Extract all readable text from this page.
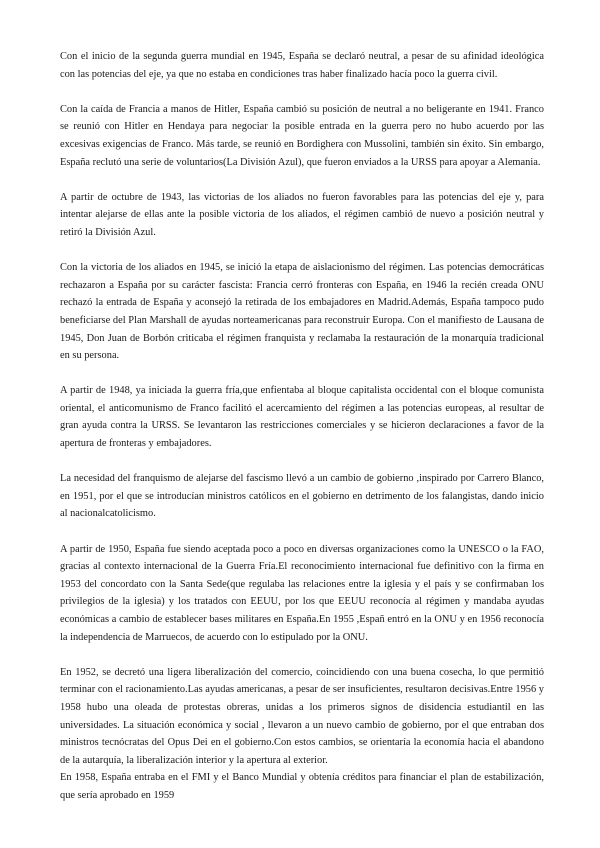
Con el inicio de la segunda guerra mundial en 1945, España se declaró neutral, a pesar de su afinidad ideológica con las potencias del eje, ya que no estaba en condiciones tras haber finalizado hacía poco la guerra civil.

Con la caída de Francia a manos de Hitler, España cambió su posición de neutral a no beligerante en 1941. Franco se reunió con Hitler en Hendaya para negociar la posible entrada en la guerra pero no hubo acuerdo por las excesivas exigencias de Franco. Más tarde, se reunió en Bordighera con Mussolini, también sin éxito. Sin embargo, España reclutó una serie de voluntarios(La División Azul), que fueron enviados a la URSS para apoyar a Alemania.

A partir de octubre de 1943, las victorias de los aliados no fueron favorables para las potencias del eje y, para intentar alejarse de ellas ante la posible victoria de los aliados, el régimen cambió de nuevo a posición neutral y retiró la División Azul.

Con la victoria de los aliados en 1945, se inició la etapa de aislacionismo del régimen. Las potencias democráticas rechazaron a España por su carácter fascista: Francia cerró fronteras con España, en 1946 la recién creada ONU rechazó la entrada de España y aconsejó la retirada de los embajadores en Madrid.Además, España tampoco pudo beneficiarse del Plan Marshall de ayudas norteamericanas para reconstruir Europa. Con el manifiesto de Lausana de 1945, Don Juan de Borbón criticaba el régimen franquista y reclamaba la restauración de la monarquía tradicional en su persona.

A partir de 1948, ya iniciada la guerra fría,que enfientaba al bloque capitalista occidental con el bloque comunista oriental, el anticomunismo de Franco facilitó el acercamiento del régimen a las potencias europeas, al resultar de gran ayuda contra la URSS. Se levantaron las restricciones comerciales y se hicieron declaraciones a favor de la apertura de fronteras y embajadores.

La necesidad del franquismo de alejarse del fascismo llevó a un cambio de gobierno ,inspirado por Carrero Blanco, en 1951, por el que se introducían ministros católicos en el gobierno en detrimento de los falangistas, dando inicio al nacionalcatolicismo.

A partir de 1950, España fue siendo aceptada poco a poco en diversas organizaciones como la UNESCO o la FAO, gracias al contexto internacional de la Guerra Fría.El reconocimiento internacional fue definitivo con la firma en 1953 del concordato con la Santa Sede(que regulaba las relaciones entre la iglesia y el país y se confirmaban los privilegios de la iglesia) y los tratados con EEUU, por los que EEUU reconocía al régimen y mandaba ayudas económicas a cambio de establecer bases militares en España.En 1955 ,Españ entró en la ONU y en 1956 reconocía la independencia de Marruecos, de acuerdo con lo estipulado por la ONU.

En 1952, se decretó una ligera liberalización del comercio, coincidiendo con una buena cosecha, lo que permitió terminar con el racionamiento.Las ayudas americanas, a pesar de ser insuficientes, resultaron decisivas.Entre 1956 y 1958 hubo una oleada de protestas obreras, unidas a los primeros signos de disidencia estudiantil en las universidades. La situación económica y social , llevaron a un nuevo cambio de gobierno, por el que entraban dos ministros tecnócratas del Opus Dei en el gobierno.Con estos cambios, se orientaría la economía hacia el abandono de la autarquía, la liberalización interior y la apertura al exterior.

En 1958, España entraba en el FMI y el Banco Mundial y obtenía créditos para financiar el plan de estabilización, que sería aprobado en 1959
